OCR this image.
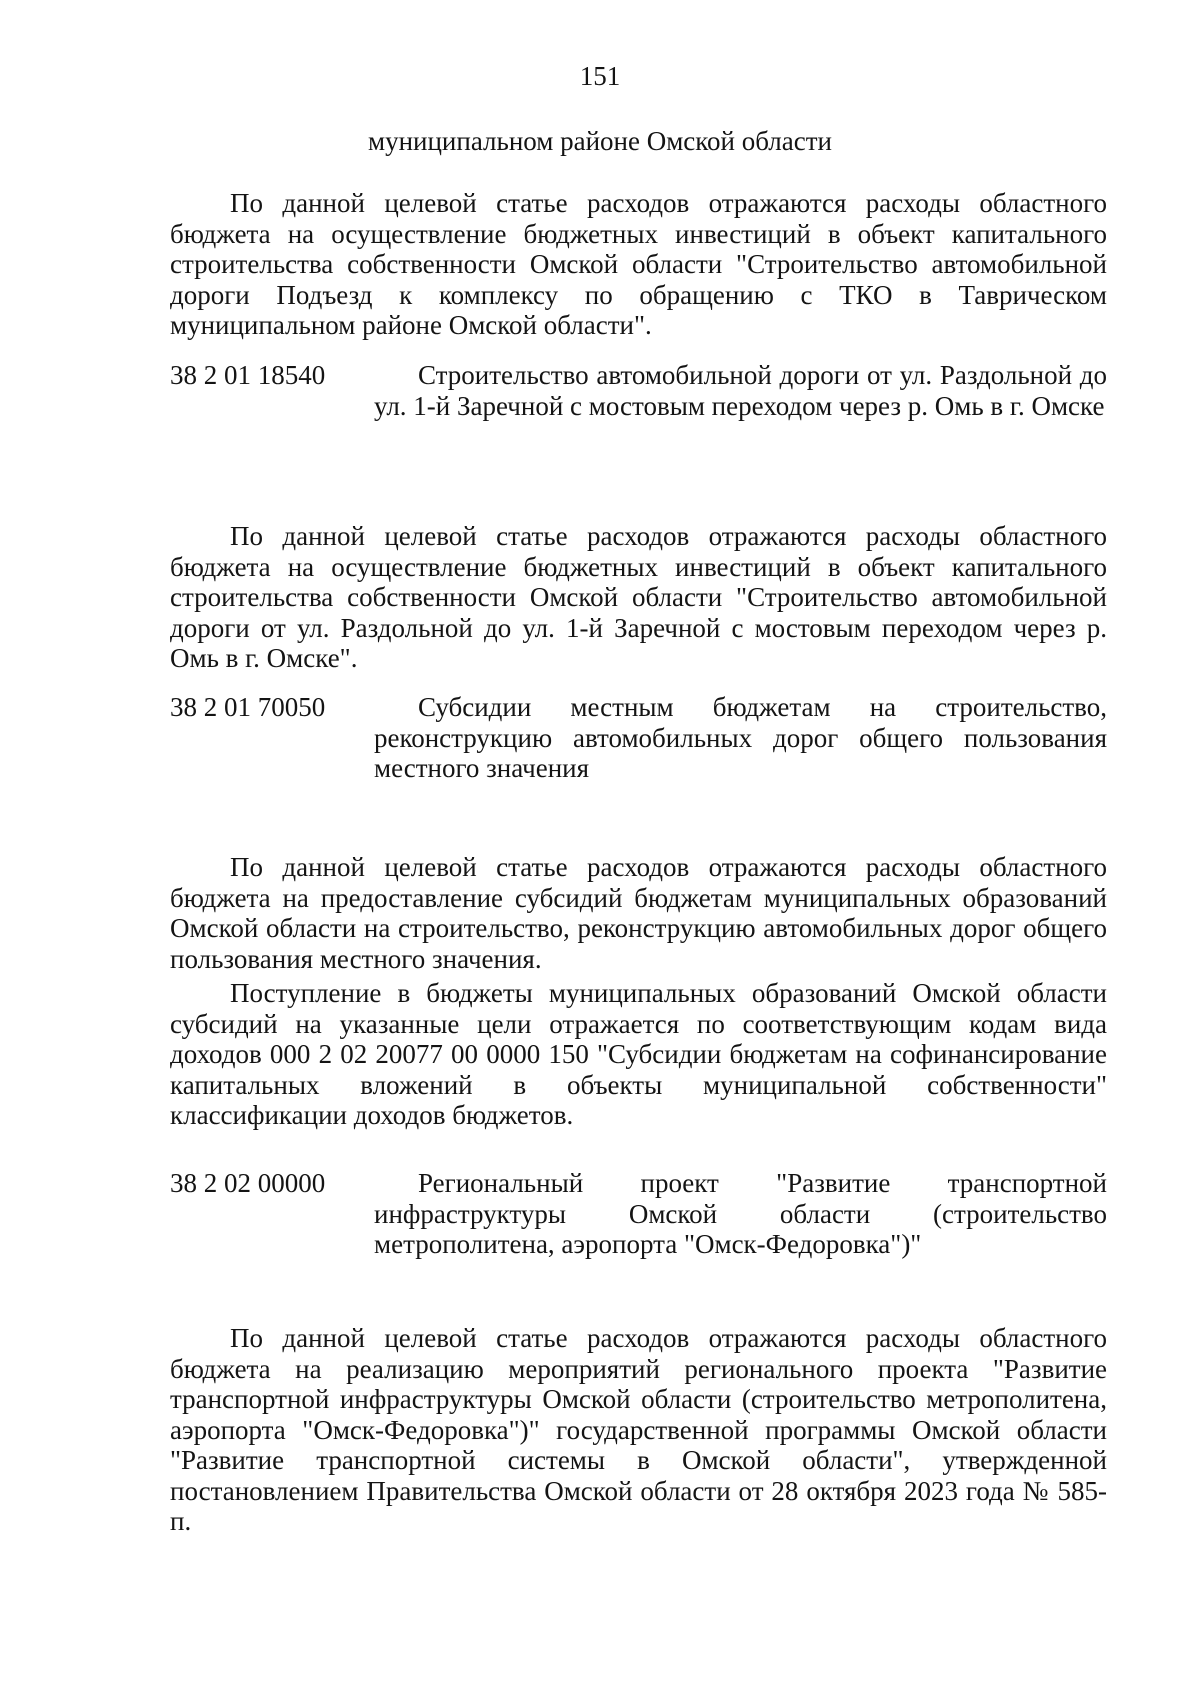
151
муниципальном районе Омской области

По данной целевой статье расходов отражаются расходы областного бюджета на осуществление бюджетных инвестиций в объект капитального строительства собственности Омской области "Строительство автомобильной дороги Подъезд к комплексу по обращению с ТКО в Таврическом муниципальном районе Омской области".

38 2 01 18540	Строительство автомобильной дороги от ул. Раздольной до ул. 1-й Заречной с мостовым переходом через р. Омь в г. Омске

По данной целевой статье расходов отражаются расходы областного бюджета на осуществление бюджетных инвестиций в объект капитального строительства собственности Омской области "Строительство автомобильной дороги от ул. Раздольной до ул. 1-й Заречной с мостовым переходом через р. Омь в г. Омске".

38 2 01 70050	Субсидии местным бюджетам на строительство, реконструкцию автомобильных дорог общего пользования местного значения

По данной целевой статье расходов отражаются расходы областного бюджета на предоставление субсидий бюджетам муниципальных образований Омской области на строительство, реконструкцию автомобильных дорог общего пользования местного значения.

Поступление в бюджеты муниципальных образований Омской области субсидий на указанные цели отражается по соответствующим кодам вида доходов 000 2 02 20077 00 0000 150 "Субсидии бюджетам на софинансирование капитальных вложений в объекты муниципальной собственности" классификации доходов бюджетов.

38 2 02 00000	Региональный проект "Развитие транспортной инфраструктуры Омской области (строительство метрополитена, аэропорта "Омск-Федоровка")"

По данной целевой статье расходов отражаются расходы областного бюджета на реализацию мероприятий регионального проекта "Развитие транспортной инфраструктуры Омской области (строительство метрополитена, аэропорта "Омск-Федоровка")" государственной программы Омской области "Развитие транспортной системы в Омской области", утвержденной постановлением Правительства Омской области от 28 октября 2023 года № 585-п.
